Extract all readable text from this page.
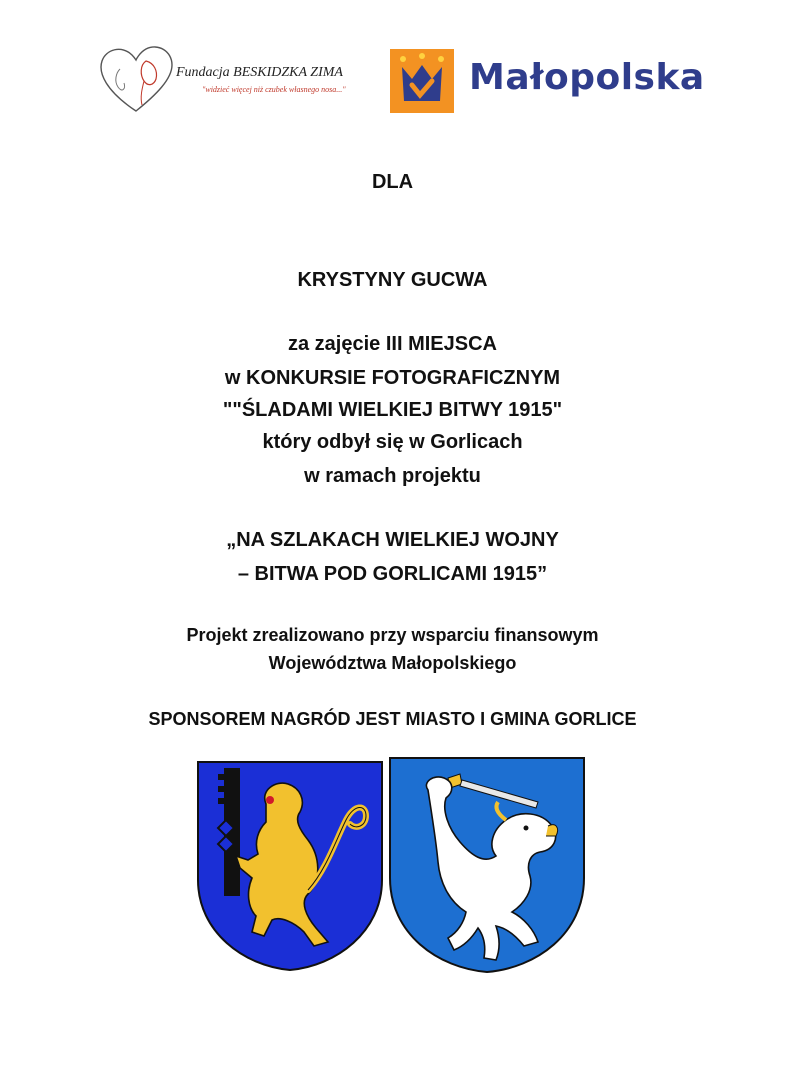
Fundacja BESKIDZKA ZIMA
"widzieć więcej niż czubek własnego nosa..."	Małopolska
DLA
KRYSTYNY GUCWA
za zajęcie III MIEJSCA
w KONKURSIE FOTOGRAFICZNYM
""ŚLADAMI WIELKIEJ BITWY 1915"
który odbył się w Gorlicach
w ramach projektu
„NA SZLAKACH WIELKIEJ WOJNY
– BITWA POD GORLICAMI 1915”
Projekt zrealizowano przy wsparciu finansowym
Województwa Małopolskiego
SPONSOREM NAGRÓD JEST MIASTO I GMINA GORLICE
